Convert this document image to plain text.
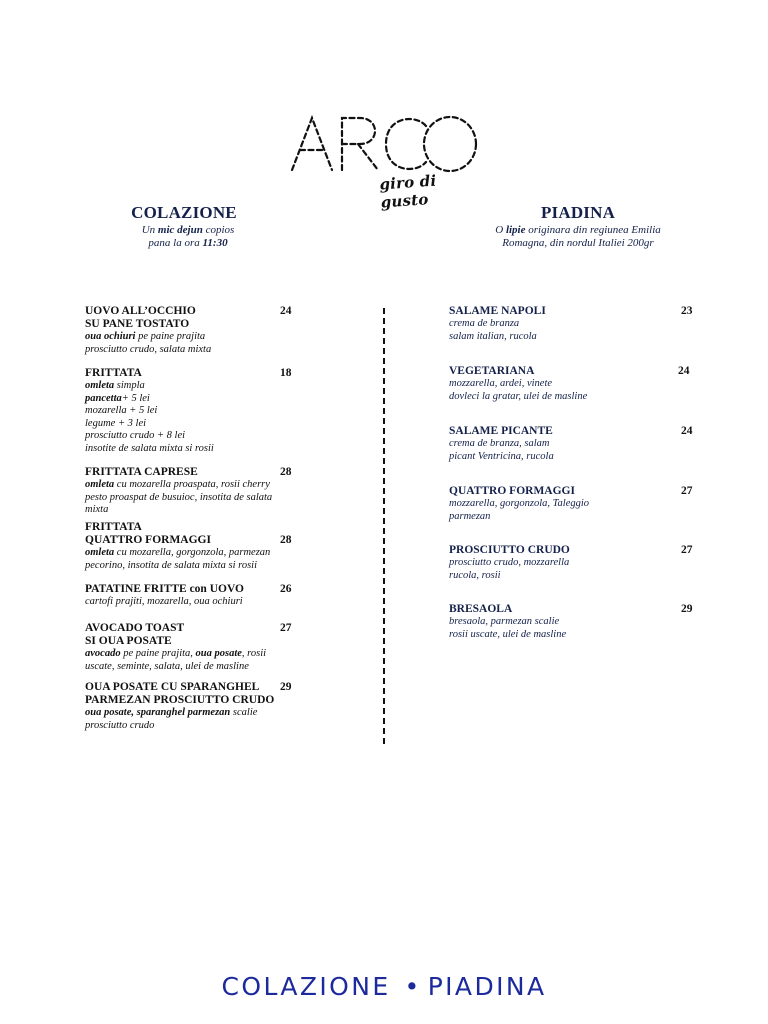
giro di gusto
COLAZIONE
Un mic dejun copios
pana la ora 11:30
PIADINA
O lipie originara din regiunea Emilia
Romagna, din nordul Italiei 200gr
UOVO ALL’OCCHIO
SU PANE TOSTATO
24
oua ochiuri pe paine prajita
prosciutto crudo, salata mixta
FRITTATA	18
omleta simpla
pancetta+ 5 lei
mozarella + 5 lei
legume + 3 lei
prosciutto crudo + 8 lei
insotite de salata mixta si rosii
FRITTATA CAPRESE	28
omleta cu mozarella proaspata, rosii cherry
pesto proaspat de busuioc, insotita de salata
mixta
FRITTATA
QUATTRO FORMAGGI	28
omleta cu mozarella, gorgonzola, parmezan
pecorino, insotita de salata mixta si rosii
PATATINE FRITTE con UOVO	26
cartofi prajiti, mozarella, oua ochiuri
AVOCADO TOAST
SI OUA POSATE
27
avocado pe paine prajita, oua posate, rosii
uscate, seminte, salata, ulei de masline
OUA POSATE CU SPARANGHEL
PARMEZAN PROSCIUTTO CRUDO
29
oua posate, sparanghel parmezan scalie
prosciutto crudo
SALAME NAPOLI	23
crema de branza
salam italian, rucola
VEGETARIANA	24
mozzarella, ardei, vinete
dovleci la gratar, ulei de masline
SALAME PICANTE	24
crema de branza, salam
picant Ventricina, rucola
QUATTRO FORMAGGI	27
mozzarella, gorgonzola, Taleggio
parmezan
PROSCIUTTO CRUDO	27
prosciutto crudo, mozzarella
rucola, rosii
BRESAOLA	29
bresaola, parmezan scalie
rosii uscate, ulei de masline
COLAZIONE • PIADINA
